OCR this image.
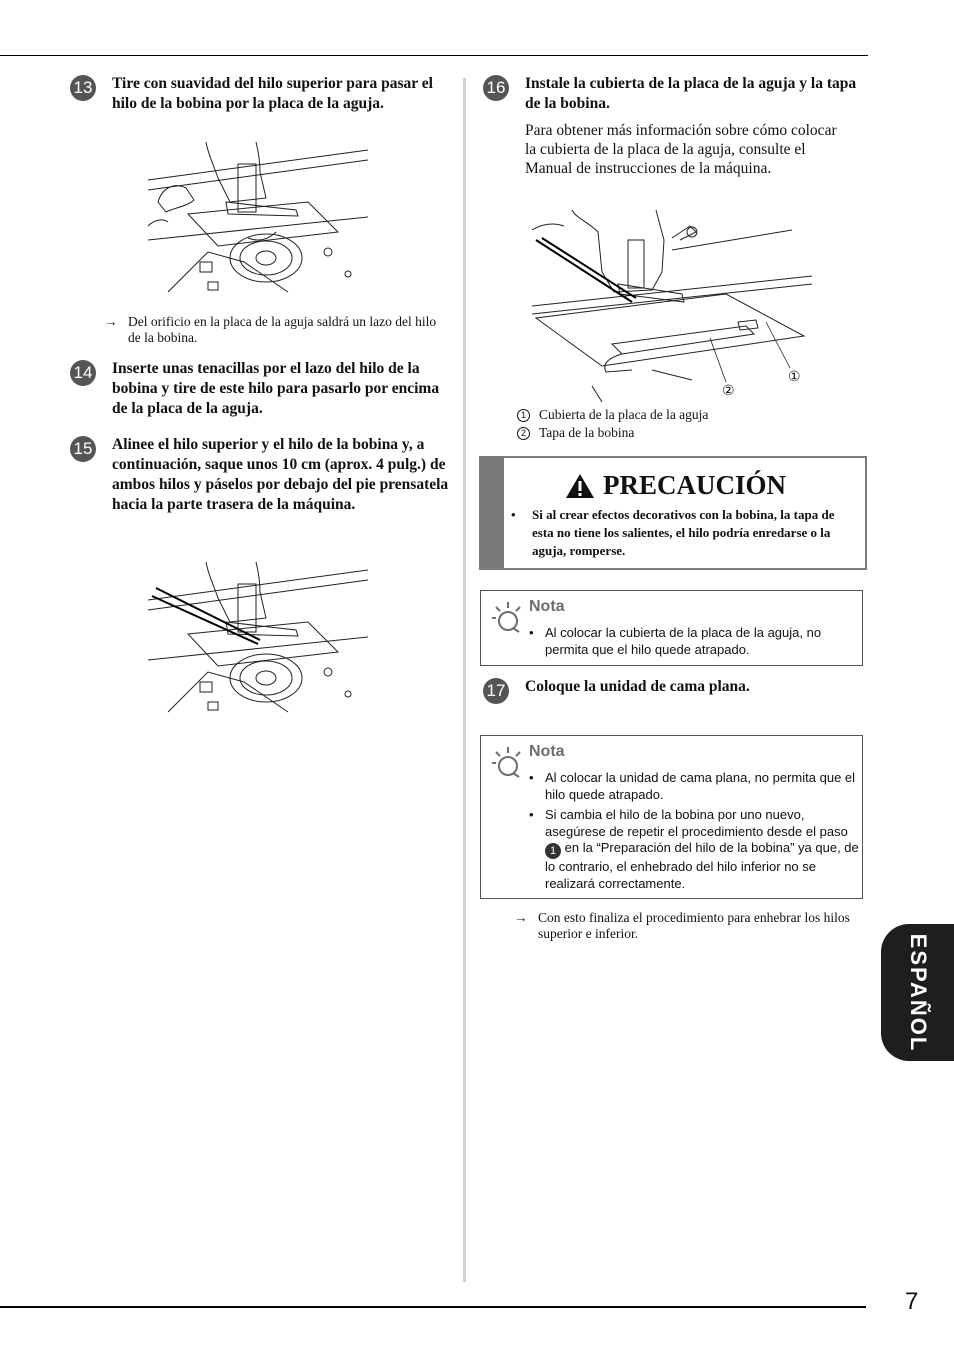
7
ESPAÑOL
13 Tire con suavidad del hilo superior para pasar el hilo de la bobina por la placa de la aguja.
→ Del orificio en la placa de la aguja saldrá un lazo del hilo de la bobina.
14 Inserte unas tenacillas por el lazo del hilo de la bobina y tire de este hilo para pasarlo por encima de la placa de la aguja.
15 Alinee el hilo superior y el hilo de la bobina y, a continuación, saque unos 10 cm (aprox. 4 pulg.) de ambos hilos y páselos por debajo del pie prensatela hacia la parte trasera de la máquina.
16 Instale la cubierta de la placa de la aguja y la tapa de la bobina.
Para obtener más información sobre cómo colocar la cubierta de la placa de la aguja, consulte el Manual de instrucciones de la máquina.
②
①
1 Cubierta de la placa de la aguja
2 Tapa de la bobina
PRECAUCIÓN
•	Si al crear efectos decorativos con la bobina, la tapa de esta no tiene los salientes, el hilo podría enredarse o la aguja, romperse.
Nota
• Al colocar la cubierta de la placa de la aguja, no permita que el hilo quede atrapado.
17 Coloque la unidad de cama plana.
Nota
• Al colocar la unidad de cama plana, no permita que el hilo quede atrapado.
• Si cambia el hilo de la bobina por uno nuevo, asegúrese de repetir el procedimiento desde el paso 1 en la “Preparación del hilo de la bobina” ya que, de lo contrario, el enhebrado del hilo inferior no se realizará correctamente.
→ Con esto finaliza el procedimiento para enhebrar los hilos superior e inferior.
